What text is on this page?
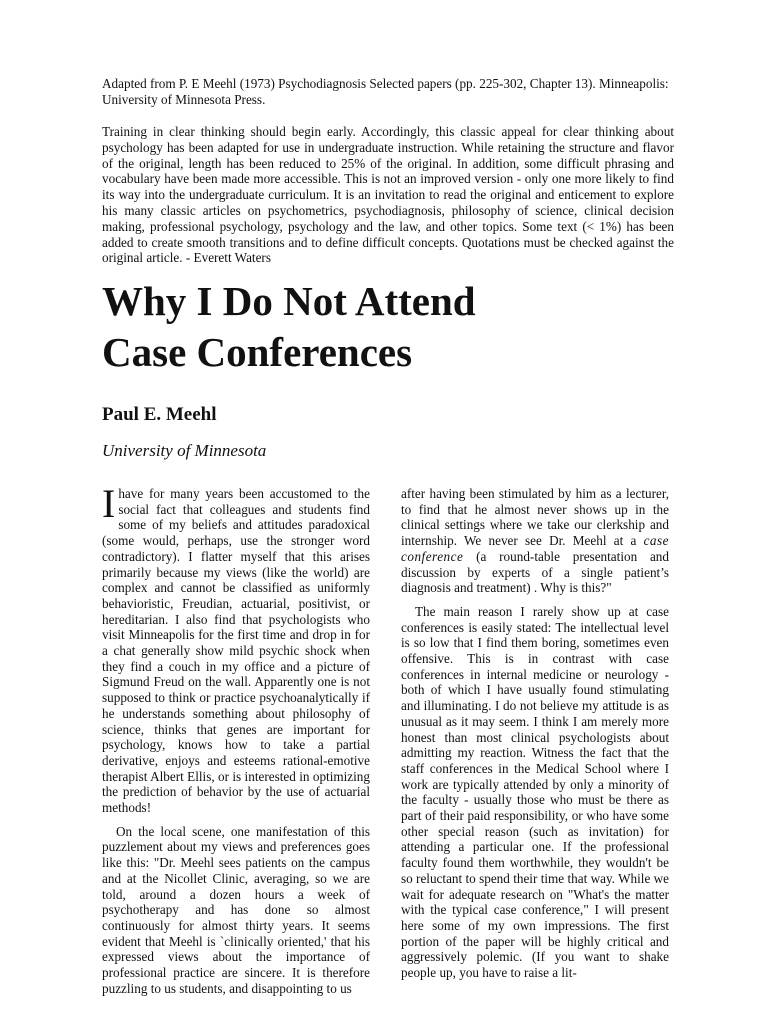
Adapted from P. E Meehl (1973) Psychodiagnosis Selected papers (pp. 225-302, Chapter 13). Minneapolis: University of Minnesota Press.
Training in clear thinking should begin early. Accordingly, this classic appeal for clear thinking about psychology has been adapted for use in undergraduate instruction. While retaining the structure and flavor of the original, length has been reduced to 25% of the original. In addition, some difficult phrasing and vocabulary have been made more accessible. This is not an improved version - only one more likely to find its way into the undergraduate curriculum. It is an invitation to read the original and enticement to explore his many classic articles on psychometrics, psychodiagnosis, philosophy of science, clinical decision making, professional psychology, psychology and the law, and other topics. Some text (< 1%) has been added to create smooth transitions and to define difficult concepts. Quotations must be checked against the original article. - Everett Waters
Why I Do Not Attend
Case Conferences
Paul E. Meehl
University of Minnesota

Ihave for many years been accustomed to the social fact that colleagues and students find some of my beliefs and attitudes paradoxical (some would, perhaps, use the stronger word contradictory). I flatter myself that this arises primarily because my views (like the world) are complex and cannot be classified as uniformly behavioristic, Freudian, actuarial, positivist, or hereditarian. I also find that psychologists who visit Minneapolis for the first time and drop in for a chat generally show mild psychic shock when they find a couch in my office and a picture of Sigmund Freud on the wall. Apparently one is not supposed to think or practice psychoanalytically if he understands something about philosophy of science, thinks that genes are important for psychology, knows how to take a partial derivative, enjoys and esteems rational-emotive therapist Albert Ellis, or is interested in optimizing the prediction of behavior by the use of actuarial methods!

On the local scene, one manifestation of this puzzlement about my views and preferences goes like this: "Dr. Meehl sees patients on the campus and at the Nicollet Clinic, averaging, so we are told, around a dozen hours a week of psychotherapy and has done so almost continuously for almost thirty years. It seems evident that Meehl is `clinically oriented,' that his expressed views about the importance of professional practice are sincere. It is therefore puzzling to us students, and disappointing to us

after having been stimulated by him as a lecturer, to find that he almost never shows up in the clinical settings where we take our clerkship and internship. We never see Dr. Meehl at a case conference (a round-table presentation and discussion by experts of a single patient’s diagnosis and treatment) . Why is this?"

The main reason I rarely show up at case conferences is easily stated: The intellectual level is so low that I find them boring, sometimes even offensive. This is in contrast with case conferences in internal medicine or neurology - both of which I have usually found stimulating and illuminating. I do not believe my attitude is as unusual as it may seem. I think I am merely more honest than most clinical psychologists about admitting my reaction. Witness the fact that the staff conferences in the Medical School where I work are typically attended by only a minority of the faculty - usually those who must be there as part of their paid responsibility, or who have some other special reason (such as invitation) for attending a particular one. If the professional faculty found them worthwhile, they wouldn't be so reluctant to spend their time that way. While we wait for adequate research on "What's the matter with the typical case conference," I will present here some of my own impressions. The first portion of the paper will be highly critical and aggressively polemic. (If you want to shake people up, you have to raise a lit-
